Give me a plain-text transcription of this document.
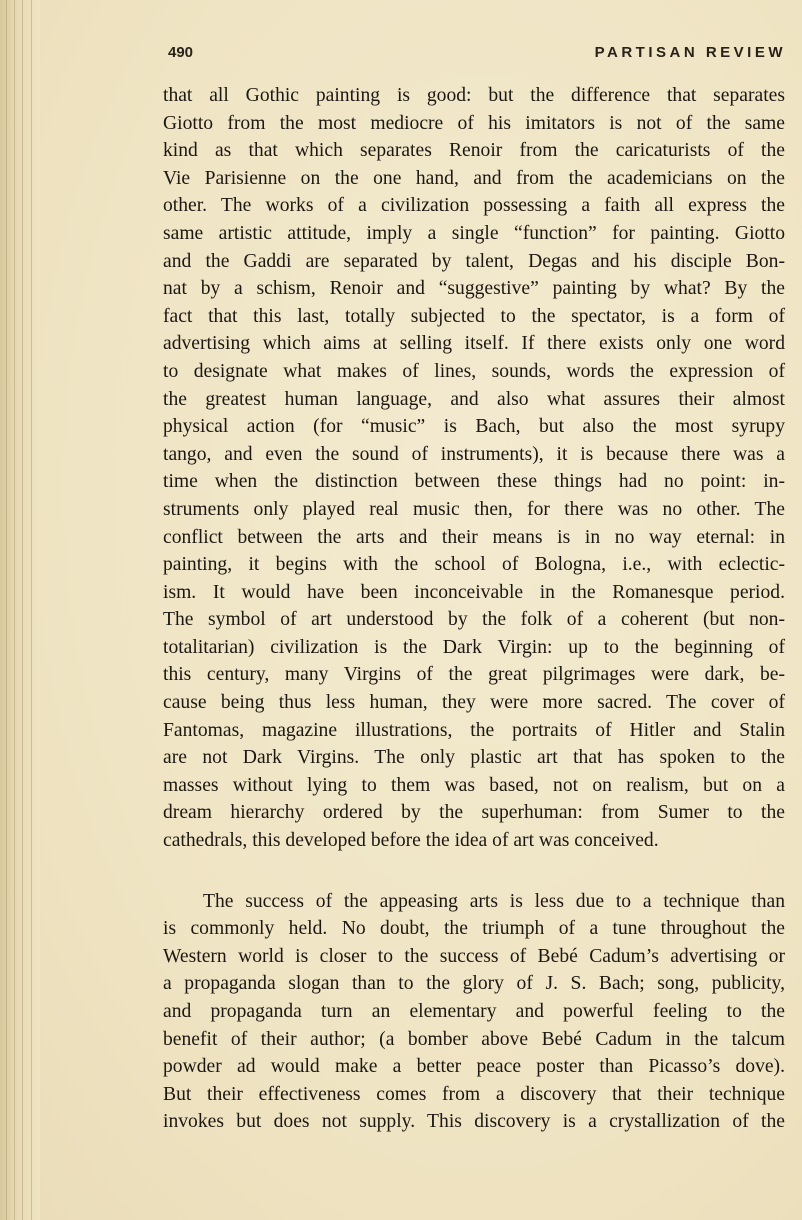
490	PARTISAN REVIEW
that all Gothic painting is good: but the difference that separates
Giotto from the most mediocre of his imitators is not of the same
kind as that which separates Renoir from the caricaturists of the
Vie Parisienne on the one hand, and from the academicians on the
other. The works of a civilization possessing a faith all express the
same artistic attitude, imply a single “function” for painting. Giotto
and the Gaddi are separated by talent, Degas and his disciple Bon-
nat by a schism, Renoir and “suggestive” painting by what? By the
fact that this last, totally subjected to the spectator, is a form of
advertising which aims at selling itself. If there exists only one word
to designate what makes of lines, sounds, words the expression of
the greatest human language, and also what assures their almost
physical action (for “music” is Bach, but also the most syrupy
tango, and even the sound of instruments), it is because there was a
time when the distinction between these things had no point: in-
struments only played real music then, for there was no other. The
conflict between the arts and their means is in no way eternal: in
painting, it begins with the school of Bologna, i.e., with eclectic-
ism. It would have been inconceivable in the Romanesque period.
The symbol of art understood by the folk of a coherent (but non-
totalitarian) civilization is the Dark Virgin: up to the beginning of
this century, many Virgins of the great pilgrimages were dark, be-
cause being thus less human, they were more sacred. The cover of
Fantomas, magazine illustrations, the portraits of Hitler and Stalin
are not Dark Virgins. The only plastic art that has spoken to the
masses without lying to them was based, not on realism, but on a
dream hierarchy ordered by the superhuman: from Sumer to the
cathedrals, this developed before the idea of art was conceived.
The success of the appeasing arts is less due to a technique than
is commonly held. No doubt, the triumph of a tune throughout the
Western world is closer to the success of Bebé Cadum’s advertising or
a propaganda slogan than to the glory of J. S. Bach; song, publicity,
and propaganda turn an elementary and powerful feeling to the
benefit of their author; (a bomber above Bebé Cadum in the talcum
powder ad would make a better peace poster than Picasso’s dove).
But their effectiveness comes from a discovery that their technique
invokes but does not supply. This discovery is a crystallization of the
